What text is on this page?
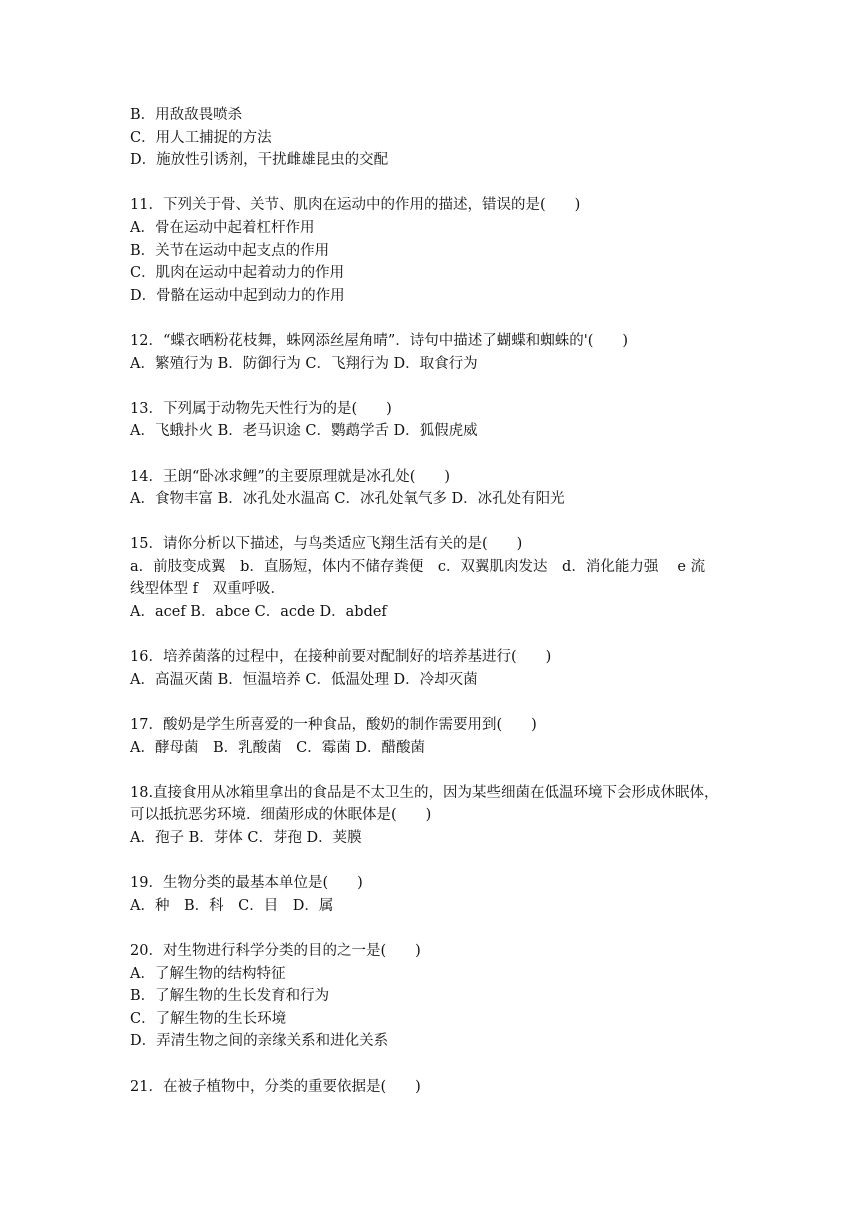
B．用敌敌畏喷杀
C．用人工捕捉的方法
D．施放性引诱剂，干扰雌雄昆虫的交配
11．下列关于骨、关节、肌肉在运动中的作用的描述，错误的是(　　)
A．骨在运动中起着杠杆作用
B．关节在运动中起支点的作用
C．肌肉在运动中起着动力的作用
D．骨骼在运动中起到动力的作用
12．“蝶衣晒粉花枝舞，蛛网添丝屋角晴”．诗句中描述了蝴蝶和蜘蛛的'(　　)
A．繁殖行为 B．防御行为 C．飞翔行为 D．取食行为
13．下列属于动物先天性行为的是(　　)
A．飞蛾扑火 B．老马识途 C．鹦鹉学舌 D．狐假虎威
14．王朗“卧冰求鲤”的主要原理就是冰孔处(　　)
A．食物丰富 B．冰孔处水温高 C．冰孔处氧气多 D．冰孔处有阳光
15．请你分析以下描述，与鸟类适应飞翔生活有关的是(　　)
a．前肢变成翼　b．直肠短，体内不储存粪便　c．双翼肌肉发达　d．消化能力强　 e 流
线型体型 f　双重呼吸．
A．acef B．abce C．acde D．abdef
16．培养菌落的过程中，在接种前要对配制好的培养基进行(　　)
A．高温灭菌 B．恒温培养 C．低温处理 D．冷却灭菌
17．酸奶是学生所喜爱的一种食品，酸奶的制作需要用到(　　)
A．酵母菌　B．乳酸菌　C．霉菌 D．醋酸菌
18.直接食用从冰箱里拿出的食品是不太卫生的，因为某些细菌在低温环境下会形成休眠体，
可以抵抗恶劣环境．细菌形成的休眠体是(　　)
A．孢子 B．芽体 C．芽孢 D．荚膜
19．生物分类的最基本单位是(　　)
A．种　B．科　C．目　D．属
20．对生物进行科学分类的目的之一是(　　)
A．了解生物的结构特征
B．了解生物的生长发育和行为
C．了解生物的生长环境
D．弄清生物之间的亲缘关系和进化关系
21．在被子植物中，分类的重要依据是(　　)
